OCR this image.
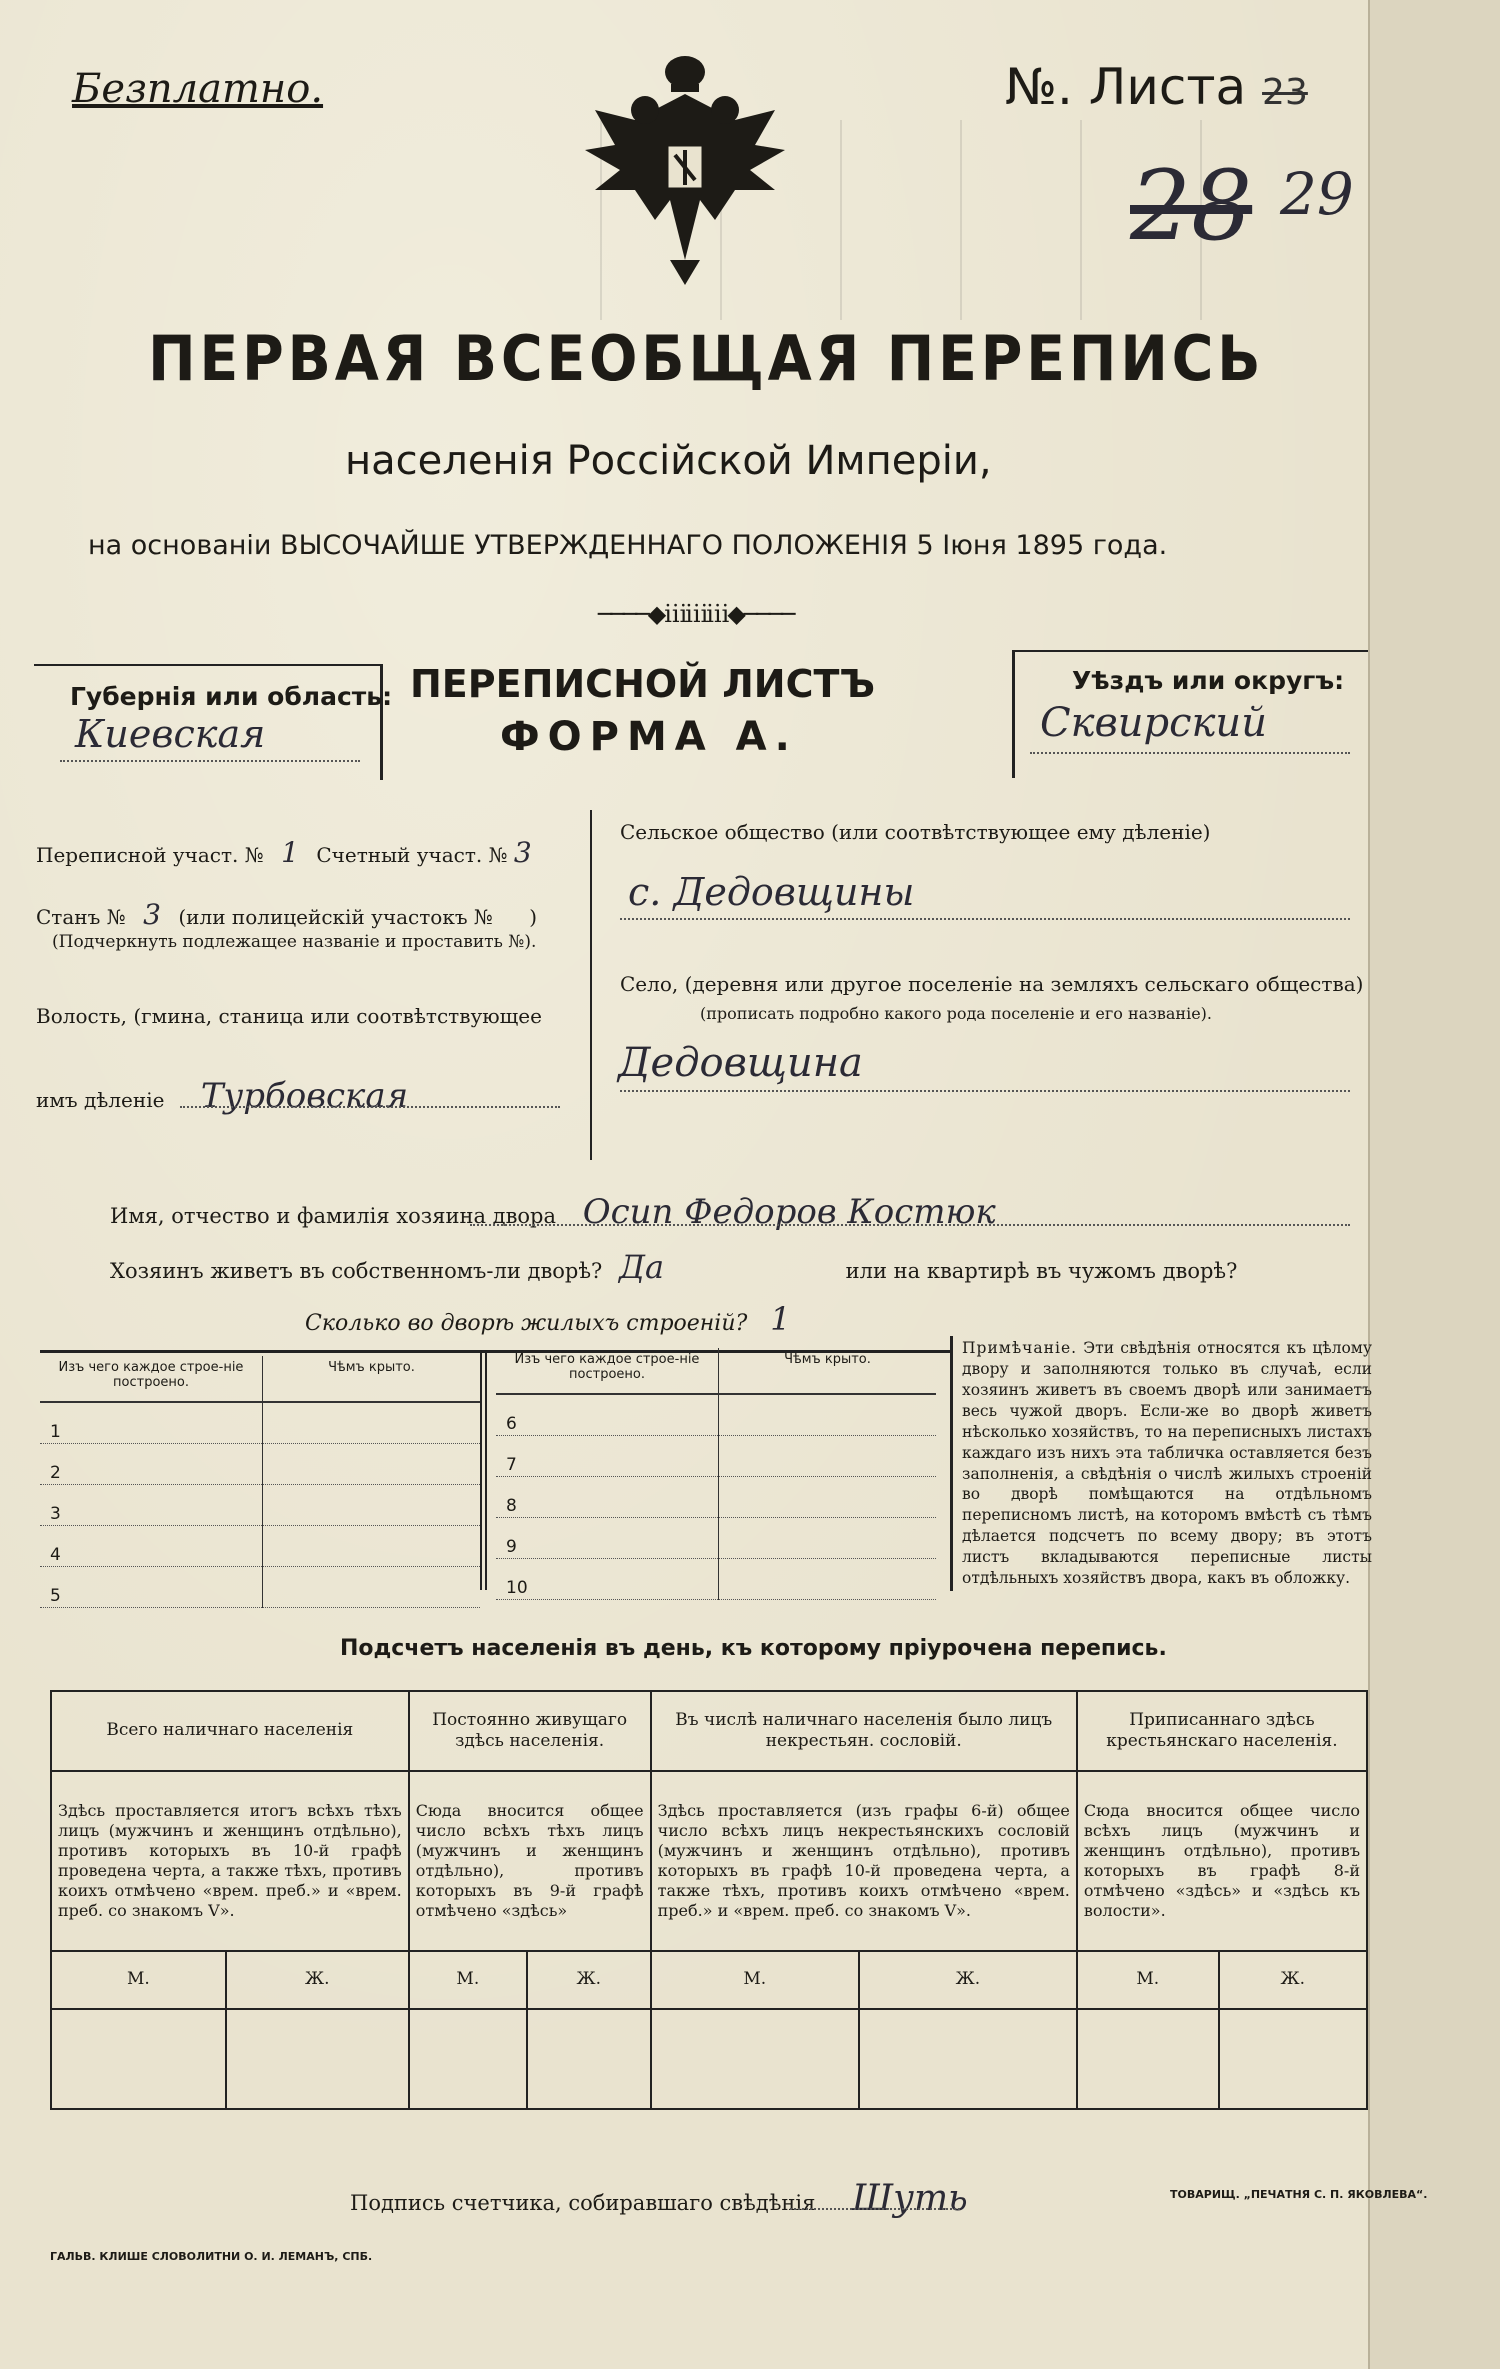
Безплатно.	№. Листа 23
28 29
ПЕРВАЯ ВСЕОБЩАЯ ПЕРЕПИСЬ
населенія Россійской Имперіи,
на основаніи ВЫСОЧАЙШЕ УТВЕРЖДЕННАГО ПОЛОЖЕНІЯ 5 Іюня 1895 года.
────◆ⅲⅲⅲ◆────
Губернія или область:
Киевская
ПЕРЕПИСНОЙ ЛИСТЪ
ФОРМА А.
Уѣздъ или округъ:
Сквирский
Переписной участ. № 1 Счетный участ. № 3
Станъ № 3 (или полицейскій участокъ № )
(Подчеркнуть подлежащее названіе и проставить №).
Волость, (гмина, станица или соотвѣтствующее
имъ дѣленіе Турбовская
Сельское общество (или соотвѣтствующее ему дѣленіе)
с. Дедовщины
Село, (деревня или другое поселеніе на земляхъ сельскаго общества)
(прописать подробно какого рода поселеніе и его названіе).
Дедовщина
Имя, отчество и фамилія хозяина двора Осип Федоров Костюк
Хозяинъ живетъ въ собственномъ-ли дворѣ? Да	или на квартирѣ въ чужомъ дворѣ?
Сколько во дворѣ жилыхъ строеній? 1
Изъ чего каждое строе-ніе построено.	Чѣмъ крыто.
1	
2	
3	
4	
5	
Изъ чего каждое строе-ніе построено.	Чѣмъ крыто.
6	
7	
8	
9	
10	
Примѣчаніе. Эти свѣдѣнія относятся къ цѣлому двору и заполняются только въ случаѣ, если хозяинъ живетъ въ своемъ дворѣ или занимаетъ весь чужой дворъ. Если-же во дворѣ живетъ нѣсколько хозяйствъ, то на переписныхъ листахъ каждаго изъ нихъ эта табличка оставляется безъ заполненія, а свѣдѣнія о числѣ жилыхъ строеній во дворѣ помѣщаются на отдѣльномъ переписномъ листѣ, на которомъ вмѣстѣ съ тѣмъ дѣлается подсчетъ по всему двору; въ этотъ листъ вкладываются переписные листы отдѣльныхъ хозяйствъ двора, какъ въ обложку.
Подсчетъ населенія въ день, къ которому пріурочена перепись.
Всего наличнаго населенія		Постоянно живущаго здѣсь населенія.		Въ числѣ наличнаго населенія было лицъ некрестьян. сословій.		Приписаннаго здѣсь крестьянскаго населенія.	
Здѣсь проставляется итогъ всѣхъ тѣхъ лицъ (мужчинъ и женщинъ отдѣльно), противъ которыхъ въ 10-й графѣ проведена черта, а также тѣхъ, противъ коихъ отмѣчено «врем. преб.» и «врем. преб. со знакомъ V».		Сюда вносится общее число всѣхъ тѣхъ лицъ (мужчинъ и женщинъ отдѣльно), противъ которыхъ въ 9-й графѣ отмѣчено «здѣсь»		Здѣсь проставляется (изъ графы 6-й) общее число всѣхъ лицъ некрестьянскихъ сословій (мужчинъ и женщинъ отдѣльно), противъ которыхъ въ графѣ 10-й проведена черта, а также тѣхъ, противъ коихъ отмѣчено «врем. преб.» и «врем. преб. со знакомъ V».		Сюда вносится общее число всѣхъ лицъ (мужчинъ и женщинъ отдѣльно), противъ которыхъ въ графѣ 8-й отмѣчено «здѣсь» и «здѣсь къ волости».	
М.	Ж.	М.	Ж.	М.	Ж.	М.	Ж.

Подпись счетчика, собиравшаго свѣдѣнія Шуть
ГАЛЬВ. КЛИШЕ СЛОВОЛИТНИ О. И. ЛЕМАНЪ, СПБ.
ТОВАРИЩ. „ПЕЧАТНЯ С. П. ЯКОВЛЕВА“.
